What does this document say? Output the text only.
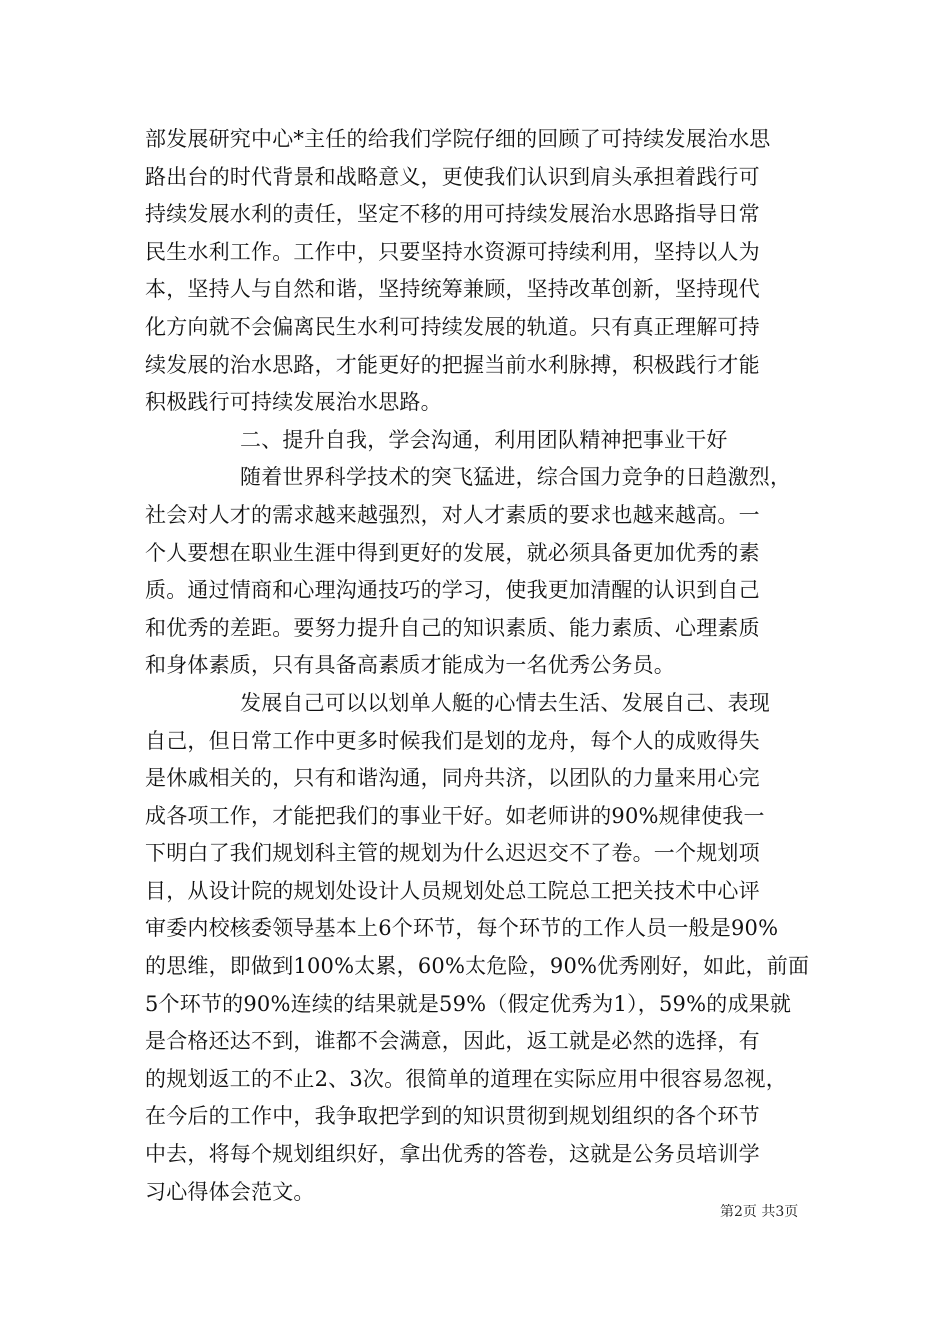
部发展研究中心*主任的给我们学院仔细的回顾了可持续发展治水思
路出台的时代背景和战略意义，更使我们认识到肩头承担着践行可
持续发展水利的责任，坚定不移的用可持续发展治水思路指导日常
民生水利工作。工作中，只要坚持水资源可持续利用，坚持以人为
本，坚持人与自然和谐，坚持统筹兼顾，坚持改革创新，坚持现代
化方向就不会偏离民生水利可持续发展的轨道。只有真正理解可持
续发展的治水思路，才能更好的把握当前水利脉搏，积极践行才能
积极践行可持续发展治水思路。
二、提升自我，学会沟通，利用团队精神把事业干好
随着世界科学技术的突飞猛进，综合国力竞争的日趋激烈，
社会对人才的需求越来越强烈，对人才素质的要求也越来越高。一
个人要想在职业生涯中得到更好的发展，就必须具备更加优秀的素
质。通过情商和心理沟通技巧的学习，使我更加清醒的认识到自己
和优秀的差距。要努力提升自己的知识素质、能力素质、心理素质
和身体素质，只有具备高素质才能成为一名优秀公务员。
发展自己可以以划单人艇的心情去生活、发展自己、表现
自己，但日常工作中更多时候我们是划的龙舟，每个人的成败得失
是休戚相关的，只有和谐沟通，同舟共济，以团队的力量来用心完
成各项工作，才能把我们的事业干好。如老师讲的90%规律使我一
下明白了我们规划科主管的规划为什么迟迟交不了卷。一个规划项
目，从设计院的规划处设计人员规划处总工院总工把关技术中心评
审委内校核委领导基本上6个环节，每个环节的工作人员一般是90%
的思维，即做到100%太累，60%太危险，90%优秀刚好，如此，前面
5个环节的90%连续的结果就是59%（假定优秀为1），59%的成果就
是合格还达不到，谁都不会满意，因此，返工就是必然的选择，有
的规划返工的不止2、3次。很简单的道理在实际应用中很容易忽视，
在今后的工作中，我争取把学到的知识贯彻到规划组织的各个环节
中去，将每个规划组织好，拿出优秀的答卷，这就是公务员培训学
习心得体会范文。
第2页 共3页
